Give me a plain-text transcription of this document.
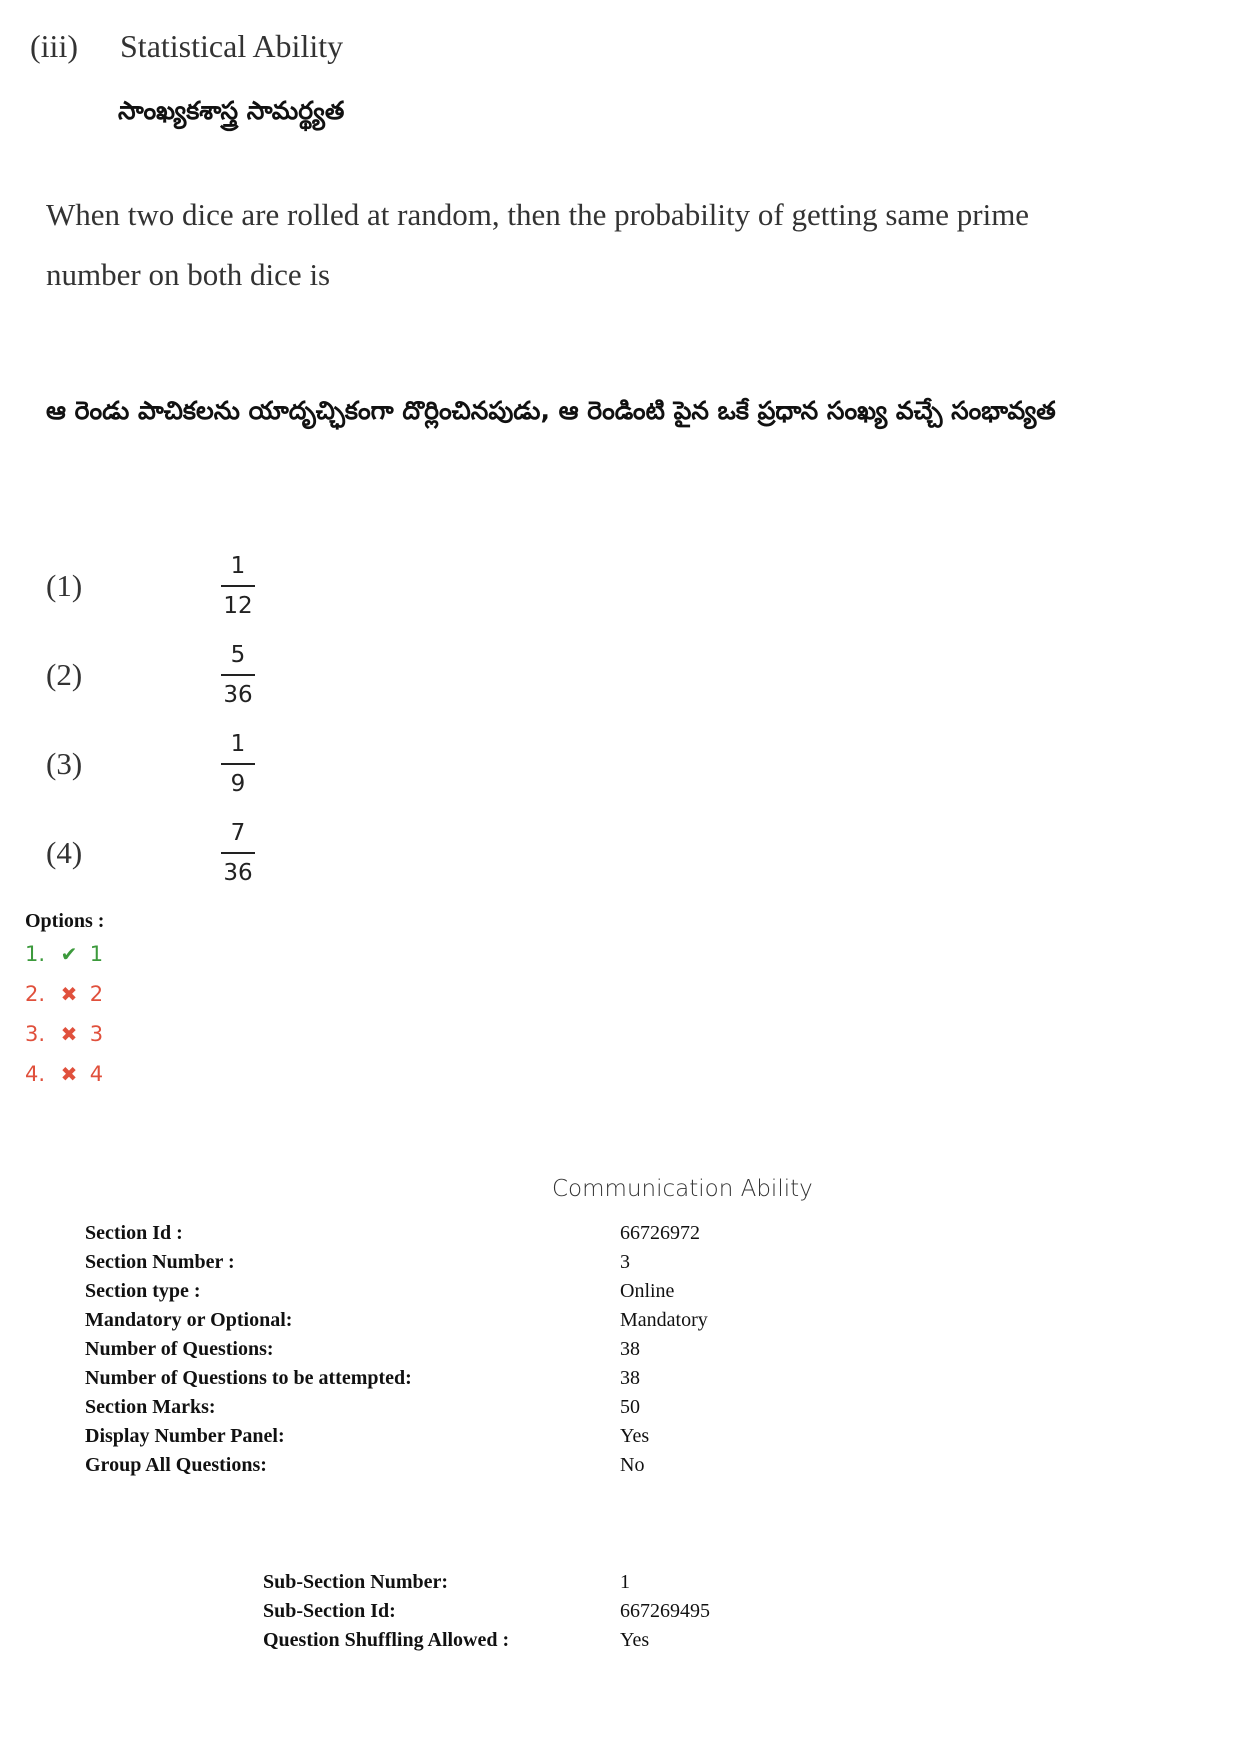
(iii) Statistical Ability
సాంఖ్యకశాస్త్ర సామర్థ్యత
When two dice are rolled at random, then the probability of getting same prime number on both dice is
ఆ రెండు పాచికలను యాదృచ్ఛికంగా దొర్లించినపుడు, ఆ రెండింటి పైన ఒకే ప్రధాన సంఖ్య వచ్చే సంభావ్యత
(1)
1
12
(2)
5
36
(3)
1
9
(4)
7
36
Options :
1. ✔ 1
2. ✖ 2
3. ✖ 3
4. ✖ 4
Communication Ability
Section Id :	66726972
Section Number :	3
Section type :	Online
Mandatory or Optional:	Mandatory
Number of Questions:	38
Number of Questions to be attempted:	38
Section Marks:	50
Display Number Panel:	Yes
Group All Questions:	No
Sub-Section Number:	1
Sub-Section Id:	667269495
Question Shuffling Allowed :	Yes
